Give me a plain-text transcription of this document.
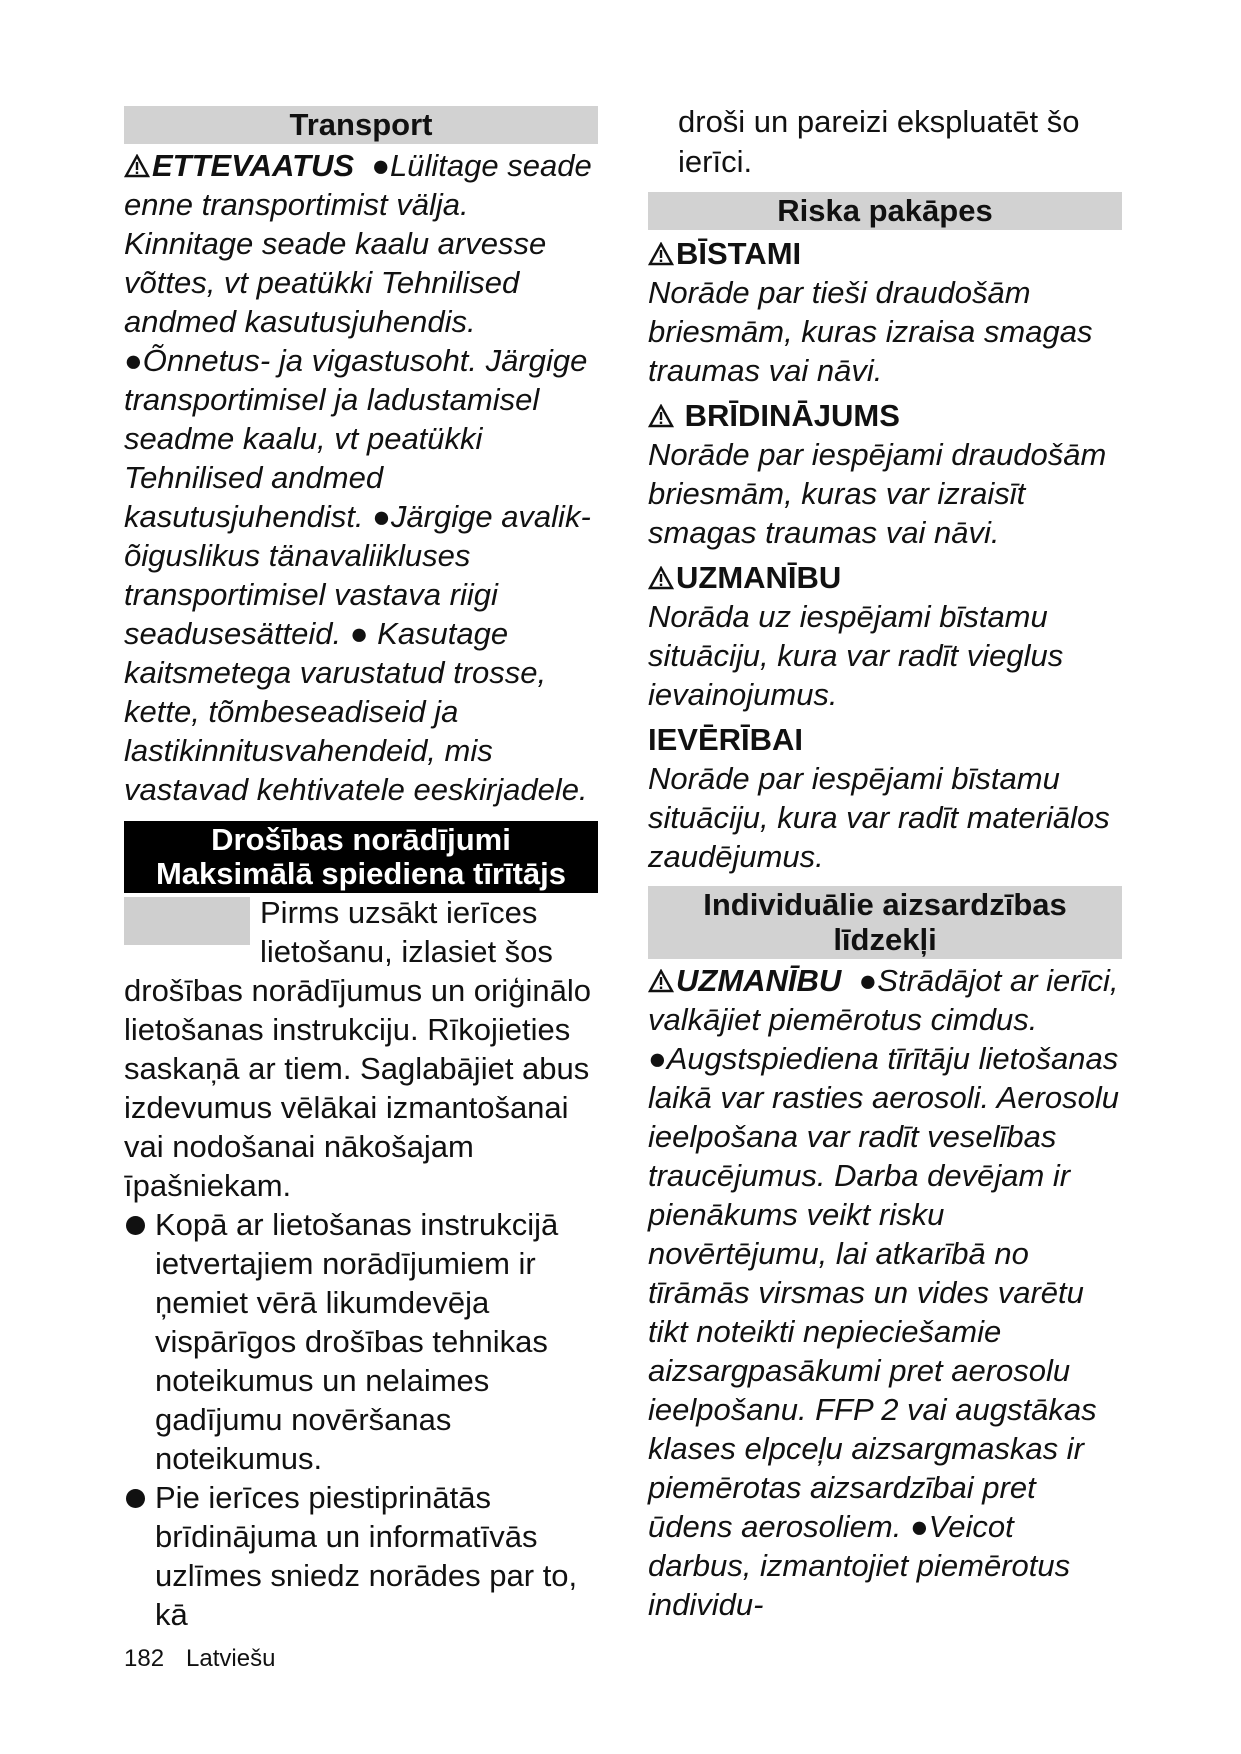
Transport
ETTEVAATUS ●Lülitage seade enne transportimist välja. Kinnitage seade kaalu arvesse võttes, vt peatükki Tehnilised andmed kasutusjuhendis. ●Õnnetus- ja vigastusoht. Järgige transportimisel ja ladustamisel seadme kaalu, vt peatükki Tehnilised andmed kasutusjuhendist. ●Järgige avalik-õiguslikus tänavaliikluses transportimisel vastava riigi seadusesätteid. ● Kasutage kaitsmetega varustatud trosse, kette, tõmbeseadiseid ja lastikinnitusvahendeid, mis vastavad kehtivatele eeskirjadele.
Drošības norādījumi
Maksimālā spiediena tīrītājs
Pirms uzsākt ierīces lietošanu, izlasiet šos drošības norādījumus un oriģinālo lietošanas instrukciju. Rīkojieties saskaņā ar tiem. Saglabājiet abus izdevumus vēlākai izmantošanai vai nodošanai nākošajam īpašniekam.
Kopā ar lietošanas instrukcijā ietvertajiem norādījumiem ir ņemiet vērā likumdevēja vispārīgos drošības tehnikas noteikumus un nelaimes gadījumu novēršanas noteikumus.
Pie ierīces piestiprinātās brīdinājuma un informatīvās uzlīmes sniedz norādes par to, kā
droši un pareizi ekspluatēt šo ierīci.
Riska pakāpes
BĪSTAMI
Norāde par tieši draudošām briesmām, kuras izraisa smagas traumas vai nāvi.
BRĪDINĀJUMS
Norāde par iespējami draudošām briesmām, kuras var izraisīt smagas traumas vai nāvi.
UZMANĪBU
Norāda uz iespējami bīstamu situāciju, kura var radīt vieglus ievainojumus.
IEVĒRĪBAI
Norāde par iespējami bīstamu situāciju, kura var radīt materiālos zaudējumus.
Individuālie aizsardzības
līdzekļi
UZMANĪBU ●Strādājot ar ierīci, valkājiet piemērotus cimdus. ●Augstspiediena tīrītāju lietošanas laikā var rasties aerosoli. Aerosolu ieelpošana var radīt veselības traucējumus. Darba devējam ir pienākums veikt risku novērtējumu, lai atkarībā no tīrāmās virsmas un vides varētu tikt noteikti nepieciešamie aizsargpasākumi pret aerosolu ieelpošanu. FFP 2 vai augstākas klases elpceļu aizsargmaskas ir piemērotas aizsardzībai pret ūdens aerosoliem. ●Veicot darbus, izmantojiet piemērotus individu-
182 Latviešu
